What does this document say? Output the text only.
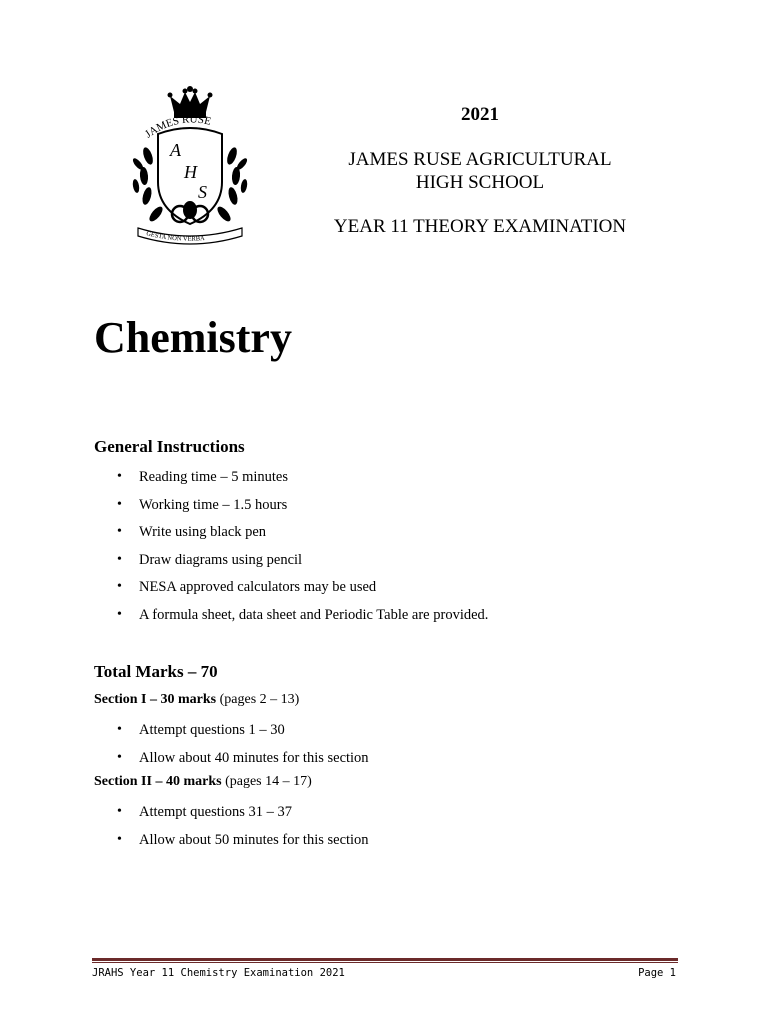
JAMES RUSE
A
H
S
GESTA NON VERBA

2021

JAMES RUSE AGRICULTURAL
HIGH SCHOOL

YEAR 11 THEORY EXAMINATION

Chemistry
General Instructions
• Reading time – 5 minutes
• Working time – 1.5 hours
• Write using black pen
• Draw diagrams using pencil
• NESA approved calculators may be used
• A formula sheet, data sheet and Periodic Table are provided.
Total Marks – 70

Section I – 30 marks (pages 2 – 13)

• Attempt questions 1 – 30
• Allow about 40 minutes for this section

Section II – 40 marks (pages 14 – 17)

• Attempt questions 31 – 37
• Allow about 50 minutes for this section
JRAHS Year 11 Chemistry Examination 2021	Page 1
